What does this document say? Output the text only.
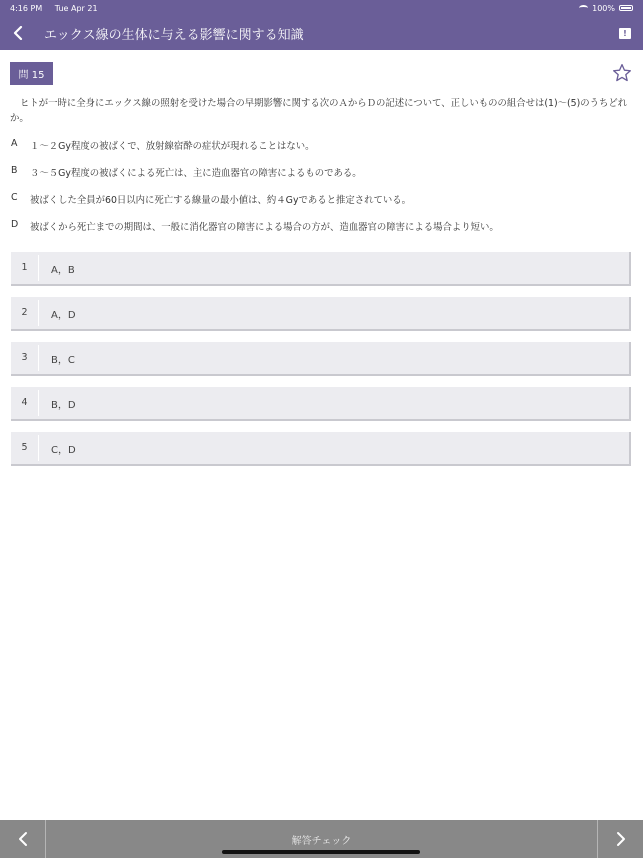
4:16 PM Tue Apr 21	100%
エックス線の生体に与える影響に関する知識	!
問 15
ヒトが一時に全身にエックス線の照射を受けた場合の早期影響に関する次のＡからＤの記述について、正しいものの組合せは(1)〜(5)のうちどれか。
A	１〜２Gy程度の被ばくで、放射線宿酔の症状が現れることはない。
B	３〜５Gy程度の被ばくによる死亡は、主に造血器官の障害によるものである。
C	被ばくした全員が60日以内に死亡する線量の最小値は、約４Gyであると推定されている。
D	被ばくから死亡までの期間は、一般に消化器官の障害による場合の方が、造血器官の障害による場合より短い。
1	A，B
2	A，D
3	B，C
4	B，D
5	C，D
解答チェック
